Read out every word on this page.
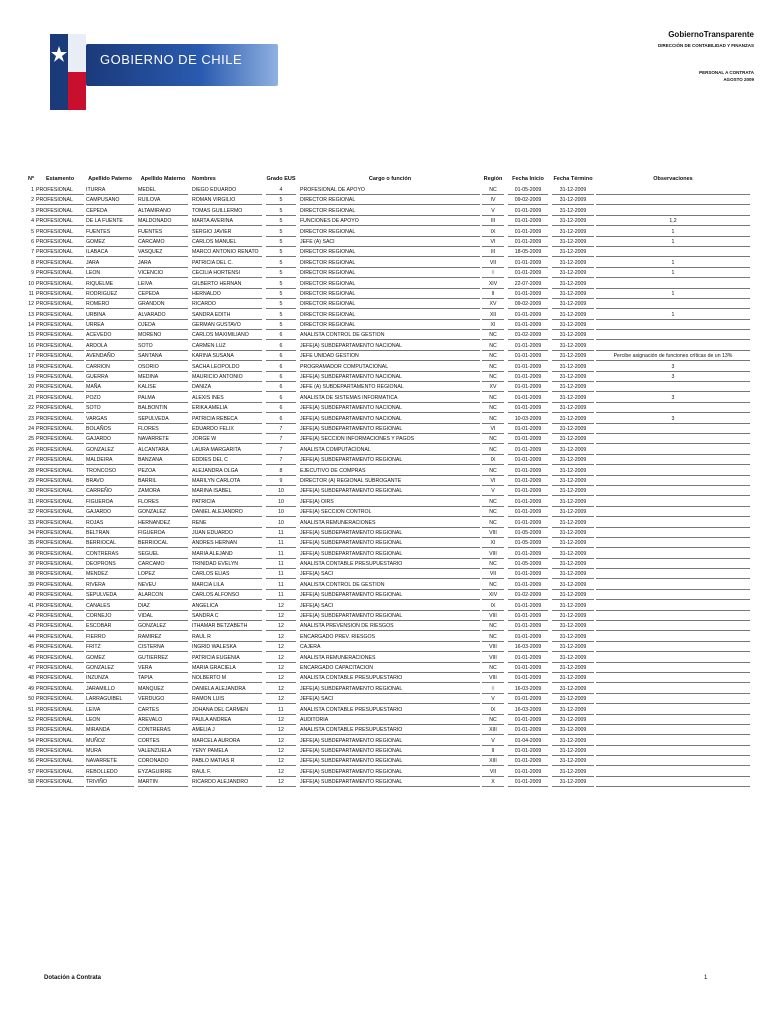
GOBIERNO DE CHILE
GobiernoTransparente
DIRECCIÓN DE CONTABILIDAD Y FINANZAS
PERSONAL A CONTRATA
AGOSTO 2009
Nº	Estamento	Apellido Paterno	Apellido Materno	Nombres	Grado EUS	Cargo o función	Región	Fecha Inicio	Fecha Término	Observaciones
1 PROFESIONAL	ITURRA	MEDEL	DIEGO EDUARDO	4	PROFESIONAL DE APOYO	NC	01-05-2009	31-12-2009
2 PROFESIONAL	CAMPUSANO	RUILOVA	ROMAN VIRGILIO	5	DIRECTOR REGIONAL	IV	09-02-2009	31-12-2009
3 PROFESIONAL	CEPEDA	ALTAMIRANO	TOMAS GUILLERMO	5	DIRECTOR REGIONAL	V	01-01-2009	31-12-2009
4 PROFESIONAL	DE LA FUENTE	MALDONADO	MARTA AVERINA	5	FUNCIONES DE APOYO	III	01-01-2009	31-12-2009	1,2
5 PROFESIONAL	FUENTES	FUENTES	SERGIO JAVIER	5	DIRECTOR REGIONAL	IX	01-01-2009	31-12-2009	1
6 PROFESIONAL	GOMEZ	CARCAMO	CARLOS MANUEL	5	JEFE (A) SACI	VI	01-01-2009	31-12-2009	1
7 PROFESIONAL	ILABACA	VASQUEZ	MARCO ANTONIO RENATO	5	DIRECTOR REGIONAL	III	18-05-2009	31-12-2009
8 PROFESIONAL	JARA	JARA	PATRICIA DEL C.	5	DIRECTOR REGIONAL	VII	01-01-2009	31-12-2009	1
9 PROFESIONAL	LEON	VICENCIO	CECILIA HORTENSI	5	DIRECTOR REGIONAL	I	01-01-2009	31-12-2009	1
10 PROFESIONAL	RIQUELME	LEIVA	GILBERTO HERNAN	5	DIRECTOR REGIONAL	XIV	22-07-2009	31-12-2009
11 PROFESIONAL	RODRIGUEZ	CEPEDA	HERNALDO	5	DIRECTOR REGIONAL	II	01-01-2009	31-12-2009	1
12 PROFESIONAL	ROMERO	GRANDON	RICARDO	5	DIRECTOR REGIONAL	XV	09-02-2009	31-12-2009
13 PROFESIONAL	URBINA	ALVARADO	SANDRA EDITH	5	DIRECTOR REGIONAL	XII	01-01-2009	31-12-2009	1
14 PROFESIONAL	URREA	OJEDA	GERMAN GUSTAVO	5	DIRECTOR REGIONAL	XI	01-01-2009	31-12-2009
15 PROFESIONAL	ACEVEDO	MORENO	CARLOS MAXIMILIANO	6	ANALISTA CONTROL DE GESTION	NC	01-02-2009	31-12-2009
16 PROFESIONAL	ARDOLA	SOTO	CARMEN LUZ	6	JEFE(A) SUBDEPARTAMENTO NACIONAL	NC	01-01-2009	31-12-2009
17 PROFESIONAL	AVENDAÑO	SANTANA	KARINA SUSANA	6	JEFE UNIDAD GESTION	NC	01-01-2009	31-12-2009	Percibe asignación de funciones críticas de un 13%
18 PROFESIONAL	CARRION	OSORIO	SACHA LEOPOLDO	6	PROGRAMADOR COMPUTACIONAL	NC	01-01-2009	31-12-2009	3
19 PROFESIONAL	GUERRA	MEDINA	MAURICIO ANTONIO	6	JEFE(A) SUBDEPARTAMENTO NACIONAL	NC	01-01-2009	31-12-2009	3
20 PROFESIONAL	MAÑA	KALISE	DANIZA	6	JEFE (A) SUBDEPARTAMENTO REGIONAL	XV	01-01-2009	31-12-2009
21 PROFESIONAL	POZO	PALMA	ALEXIS INES	6	ANALISTA DE SISTEMAS INFORMATICA	NC	01-01-2009	31-12-2009	3
22 PROFESIONAL	SOTO	BALBONTIN	ERIKA AMELIA	6	JEFE(A) SUBDEPARTAMENTO NACIONAL	NC	01-01-2009	31-12-2009
23 PROFESIONAL	VARGAS	SEPULVEDA	PATRICIA REBECA	6	JEFE(A) SUBDEPARTAMENTO NACIONAL	NC	10-03-2009	31-12-2009	3
24 PROFESIONAL	BOLAÑOS	FLORES	EDUARDO FELIX	7	JEFE(A) SUBDEPARTAMENTO REGIONAL	VI	01-01-2009	31-12-2009
25 PROFESIONAL	GAJARDO	NAVARRETE	JORGE W	7	JEFE(A) SECCION INFORMACIONES Y PAGOS	NC	01-01-2009	31-12-2009
26 PROFESIONAL	GONZALEZ	ALCANTARA	LAURA MARGARITA	7	ANALISTA COMPUTACIONAL	NC	01-01-2009	31-12-2009
27 PROFESIONAL	MALDEIRA	BANZANA	EDDIES DEL C	7	JEFE(A) SUBDEPARTAMENTO REGIONAL	IX	01-01-2009	31-12-2009
28 PROFESIONAL	TRONCOSO	PEZOA	ALEJANDRA OLGA	8	EJECUTIVO DE COMPRAS	NC	01-01-2009	31-12-2009
29 PROFESIONAL	BRAVO	BARRIL	MARILYN CARLOTA	9	DIRECTOR (A) REGIONAL SUBROGANTE	VI	01-01-2009	31-12-2009
30 PROFESIONAL	CARREÑO	ZAMORA	MARINA ISABEL	10	JEFE(A) SUBDEPARTAMENTO REGIONAL	V	01-01-2009	31-12-2009
31 PROFESIONAL	FIGUEROA	FLORES	PATRICIA	10	JEFE(A) OIRS	NC	01-01-2009	31-12-2009
32 PROFESIONAL	GAJARDO	GONZALEZ	DANIEL ALEJANDRO	10	JEFE(A) SECCION CONTROL	NC	01-01-2009	31-12-2009
33 PROFESIONAL	ROJAS	HERNANDEZ	RENE	10	ANALISTA REMUNERACIONES	NC	01-01-2009	31-12-2009
34 PROFESIONAL	BELTRAN	FIGUEROA	JUAN EDUARDO	11	JEFE(A) SUBDEPARTAMENTO REGIONAL	VIII	01-05-2009	31-12-2009
35 PROFESIONAL	BERRIOCAL	BERRIOCAL	ANDRES HERNAN	11	JEFE(A) SUBDEPARTAMENTO REGIONAL	XI	01-05-2009	31-12-2009
36 PROFESIONAL	CONTRERAS	SEGUEL	MARIA ALEJAND	11	JEFE(A) SUBDEPARTAMENTO REGIONAL	VIII	01-01-2009	31-12-2009
37 PROFESIONAL	DEOPRONS	CARCAMO	TRINIDAD EVELYN	11	ANALISTA CONTABLE PRESUPUESTARIO	NC	01-05-2009	31-12-2009
38 PROFESIONAL	MENDEZ	LOPEZ	CARLOS ELIAS	11	JEFE(A) SACI	VII	01-01-2009	31-12-2009
39 PROFESIONAL	RIVERA	NEVEU	MARCIA LILA	11	ANALISTA CONTROL DE GESTION	NC	01-01-2009	31-12-2009
40 PROFESIONAL	SEPULVEDA	ALARCON	CARLOS ALFONSO	11	JEFE(A) SUBDEPARTAMENTO REGIONAL	XIV	01-02-2009	31-12-2009
41 PROFESIONAL	CANALES	DIAZ	ANGELICA	12	JEFE(A) SACI	IX	01-01-2009	31-12-2009
42 PROFESIONAL	CORNEJO	VIDAL	SANDRA C	12	JEFE(A) SUBDEPARTAMENTO REGIONAL	VIII	01-01-2009	31-12-2009
43 PROFESIONAL	ESCOBAR	GONZALEZ	ITHAMAR BETZABETH	12	ANALISTA PREVENSION DE RIESGOS	NC	01-01-2009	31-12-2009
44 PROFESIONAL	FIERRO	RAMIREZ	RAUL R	12	ENCARGADO PREV. RIESGOS	NC	01-01-2009	31-12-2009
45 PROFESIONAL	FRITZ	CISTERNA	INGRID WALESKA	12	CAJERA	VIII	16-03-2009	31-12-2009
46 PROFESIONAL	GOMEZ	GUTIERREZ	PATRICIA EUGENIA	12	ANALISTA REMUNERACIONES	VIII	01-01-2009	31-12-2009
47 PROFESIONAL	GONZALEZ	VERA	MARIA GRACIELA	12	ENCARGADO CAPACITACION	NC	01-01-2009	31-12-2009
48 PROFESIONAL	INZUNZA	TAPIA	NOLBERTO M	12	ANALISTA CONTABLE PRESUPUESTARIO	VIII	01-01-2009	31-12-2009
49 PROFESIONAL	JARAMILLO	MANQUEZ	DANIELA ALEJANDRA	12	JEFE(A) SUBDEPARTAMENTO REGIONAL	I	16-03-2009	31-12-2009
50 PROFESIONAL	LARRAGUIBEL	VERDUGO	RAMON LUIS	12	JEFE(A) SACI	V	01-01-2009	31-12-2009
51 PROFESIONAL	LEIVA	CARTES	JOHANA DEL CARMEN	11	ANALISTA CONTABLE PRESUPUESTARIO	IX	16-03-2009	31-12-2009
52 PROFESIONAL	LEON	AREVALO	PAULA ANDREA	12	AUDITORIA	NC	01-01-2009	31-12-2009
53 PROFESIONAL	MIRANDA	CONTRERAS	AMELIA J	12	ANALISTA CONTABLE PRESUPUESTARIO	XIII	01-01-2009	31-12-2009
54 PROFESIONAL	MUÑOZ	CORTES	MARCELA AURORA	12	JEFE(A) SUBDEPARTAMENTO REGIONAL	V	01-04-2009	31-12-2009
55 PROFESIONAL	MURA	VALENZUELA	YENY PAMELA	12	JEFE(A) SUBDEPARTAMENTO REGIONAL	II	01-01-2009	31-12-2009
56 PROFESIONAL	NAVARRETE	CORONADO	PABLO MATIAS R	12	JEFE(A) SUBDEPARTAMENTO REGIONAL	XIII	01-01-2009	31-12-2009
57 PROFESIONAL	REBOLLEDO	EYZAGUIRRE	RAUL F.	12	JEFE(A) SUBDEPARTAMENTO REGIONAL	VII	01-01-2009	31-12-2009
58 PROFESIONAL	TRIVIÑO	MARTIN	RICARDO ALEJANDRO	12	JEFE(A) SUBDEPARTAMENTO REGIONAL	X	01-01-2009	31-12-2009
Dotación a Contrata	1
